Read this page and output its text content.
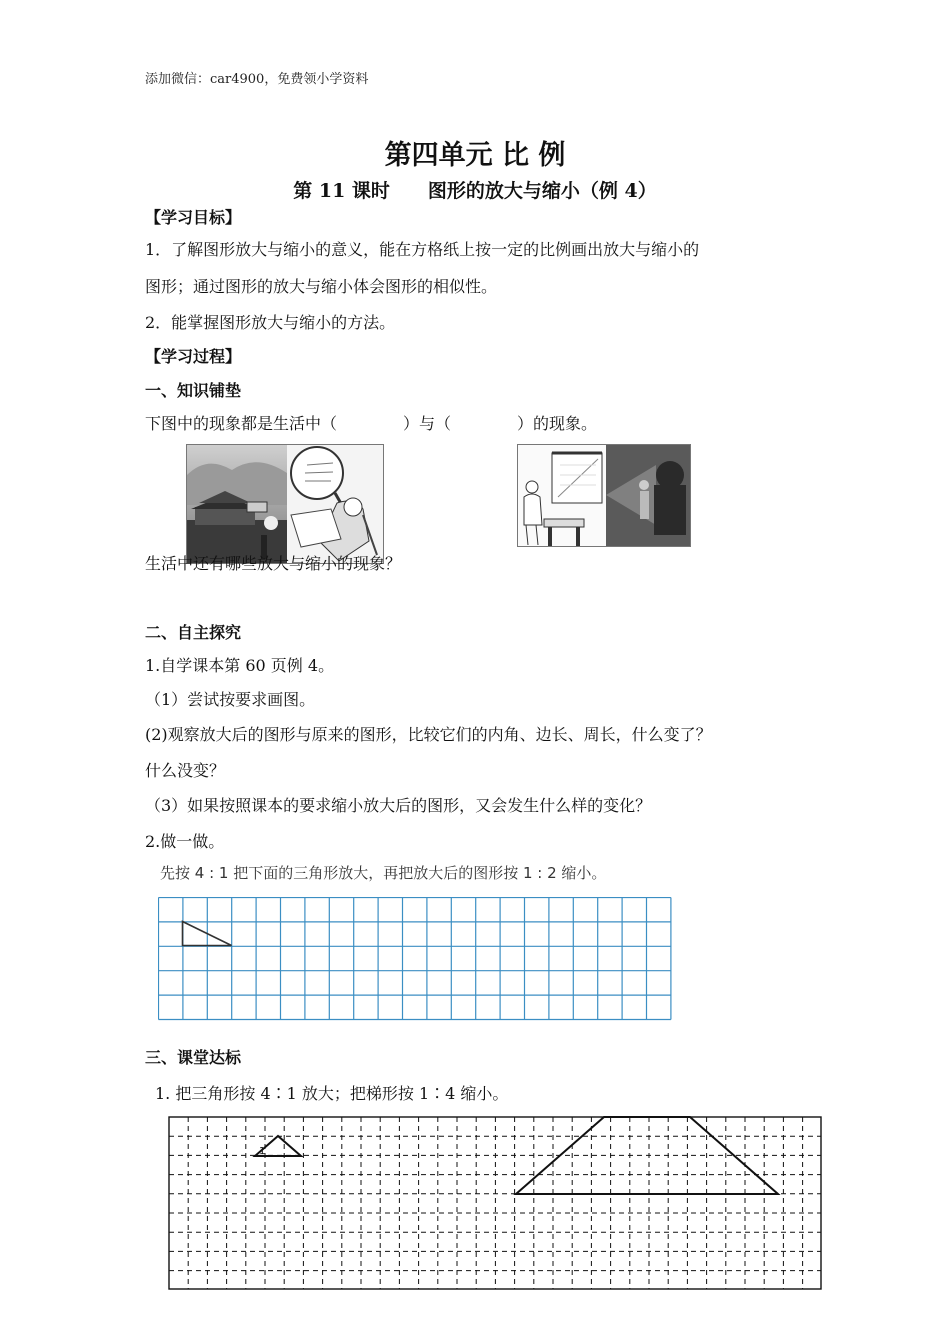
添加微信：car4900，免费领小学资料
第四单元 比 例
第 11 课时 图形的放大与缩小（例 4）
【学习目标】
1．了解图形放大与缩小的意义，能在方格纸上按一定的比例画出放大与缩小的
图形；通过图形的放大与缩小体会图形的相似性。
2．能掌握图形放大与缩小的方法。
【学习过程】
一、知识铺垫
下图中的现象都是生活中（	）与（	）的现象。
生活中还有哪些放大与缩小的现象？
二、自主探究
1.自学课本第 60 页例 4。
（1）尝试按要求画图。
(2)观察放大后的图形与原来的图形，比较它们的内角、边长、周长，什么变了？
什么没变？
（3）如果按照课本的要求缩小放大后的图形，又会发生什么样的变化？
2.做一做。
先按 4 : 1 把下面的三角形放大，再把放大后的图形按 1 : 2 缩小。
三、课堂达标
1. 把三角形按 4∶1 放大；把梯形按 1∶4 缩小。
1
